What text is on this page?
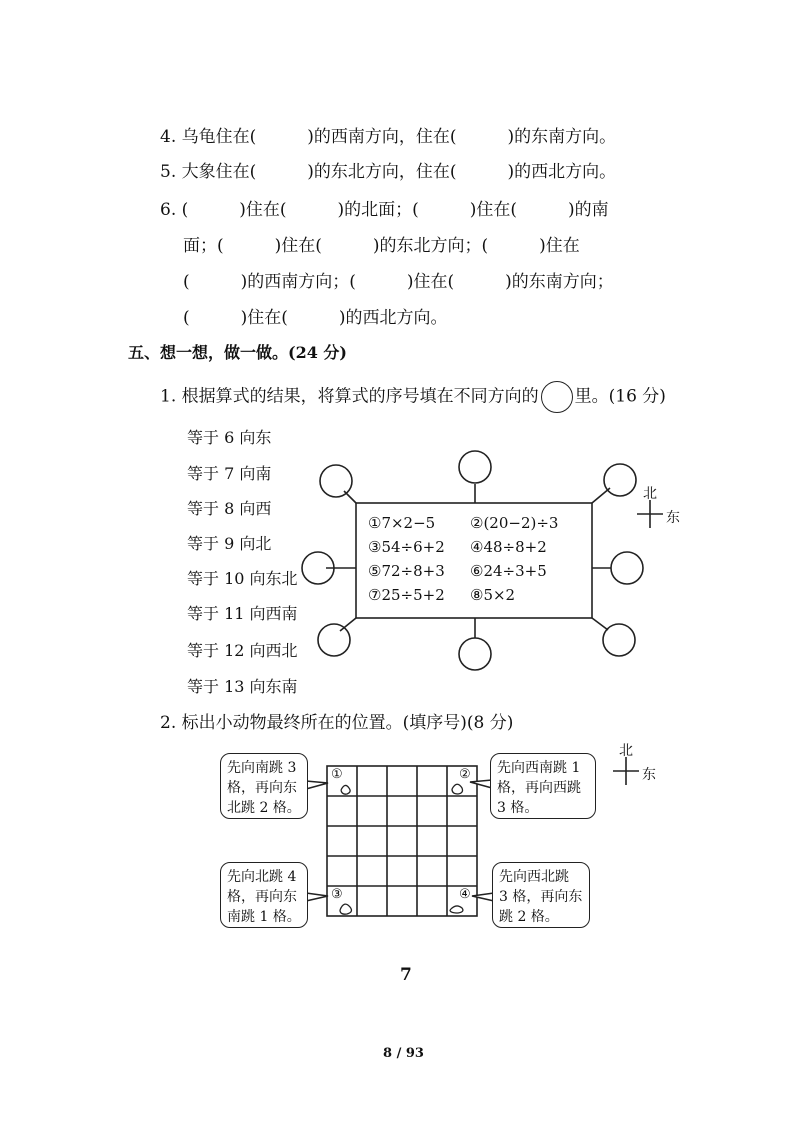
4. 乌龟住在(　　　)的西南方向，住在(　　　)的东南方向。
5. 大象住在(　　　)的东北方向，住在(　　　)的西北方向。
6. (　　　)住在(　　　)的北面；(　　　)住在(　　　)的南
面；(　　　)住在(　　　)的东北方向；(　　　)住在
(　　　)的西南方向；(　　　)住在(　　　)的东南方向；
(　　　)住在(　　　)的西北方向。
五、想一想，做一做。(24 分)
1. 根据算式的结果，将算式的序号填在不同方向的 里。(16 分)
等于 6 向东
等于 7 向南
等于 8 向西
等于 9 向北
等于 10 向东北
等于 11 向西南
等于 12 向西北
等于 13 向东南
①7×2−5 ②(20−2)÷3
③54÷6+2 ④48÷8+2
⑤72÷8+3 ⑥24÷3+5
⑦25÷5+2 ⑧5×2
北
东
北
东
2. 标出小动物最终所在的位置。(填序号)(8 分)
先向南跳 3
格，再向东
北跳 2 格。
先向西南跳 1
格，再向西跳
3 格。
先向北跳 4
格，再向东
南跳 1 格。
先向西北跳
3 格，再向东
跳 2 格。
①	②
③	④
7
8 / 93
